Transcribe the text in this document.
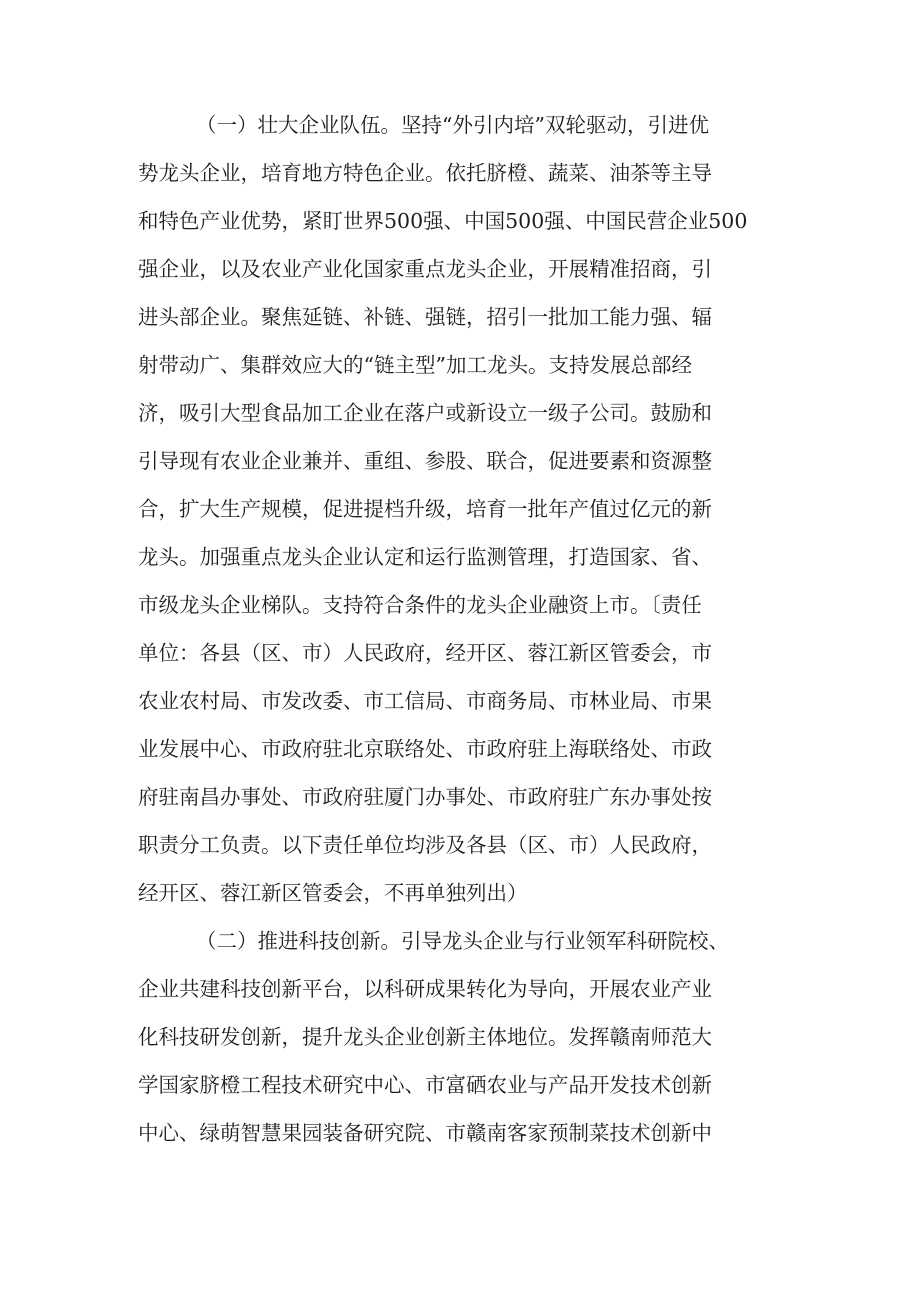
（一）壮大企业队伍。坚持“外引内培”双轮驱动，引进优
势龙头企业，培育地方特色企业。依托脐橙、蔬菜、油茶等主导
和特色产业优势，紧盯世界500强、中国500强、中国民营企业500
强企业，以及农业产业化国家重点龙头企业，开展精准招商，引
进头部企业。聚焦延链、补链、强链，招引一批加工能力强、辐
射带动广、集群效应大的“链主型”加工龙头。支持发展总部经
济，吸引大型食品加工企业在落户或新设立一级子公司。鼓励和
引导现有农业企业兼并、重组、参股、联合，促进要素和资源整
合，扩大生产规模，促进提档升级，培育一批年产值过亿元的新
龙头。加强重点龙头企业认定和运行监测管理，打造国家、省、
市级龙头企业梯队。支持符合条件的龙头企业融资上市。〔责任
单位：各县（区、市）人民政府，经开区、蓉江新区管委会，市
农业农村局、市发改委、市工信局、市商务局、市林业局、市果
业发展中心、市政府驻北京联络处、市政府驻上海联络处、市政
府驻南昌办事处、市政府驻厦门办事处、市政府驻广东办事处按
职责分工负责。以下责任单位均涉及各县（区、市）人民政府，
经开区、蓉江新区管委会，不再单独列出）
（二）推进科技创新。引导龙头企业与行业领军科研院校、
企业共建科技创新平台，以科研成果转化为导向，开展农业产业
化科技研发创新，提升龙头企业创新主体地位。发挥赣南师范大
学国家脐橙工程技术研究中心、市富硒农业与产品开发技术创新
中心、绿萌智慧果园装备研究院、市赣南客家预制菜技术创新中
